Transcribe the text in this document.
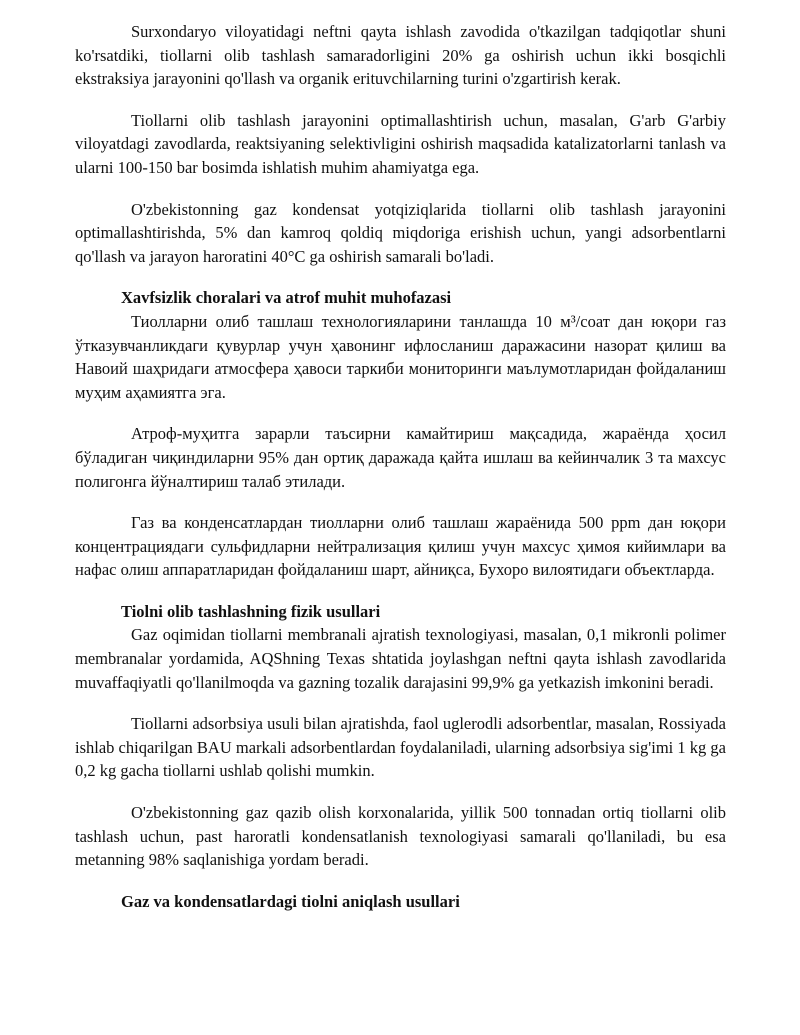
Surxondaryo viloyatidagi neftni qayta ishlash zavodida o'tkazilgan tadqiqotlar shuni ko'rsatdiki, tiollarni olib tashlash samaradorligini 20% ga oshirish uchun ikki bosqichli ekstraksiya jarayonini qo'llash va organik erituvchilarning turini o'zgartirish kerak.

Tiollarni olib tashlash jarayonini optimallashtirish uchun, masalan, G'arb G'arbiy viloyatdagi zavodlarda, reaktsiyaning selektivligini oshirish maqsadida katalizatorlarni tanlash va ularni 100-150 bar bosimda ishlatish muhim ahamiyatga ega.

O'zbekistonning gaz kondensat yotqiziqlarida tiollarni olib tashlash jarayonini optimallashtirishda, 5% dan kamroq qoldiq miqdoriga erishish uchun, yangi adsorbentlarni qo'llash va jarayon haroratini 40°C ga oshirish samarali bo'ladi.

Xavfsizlik choralari va atrof muhit muhofazasi

Тиолларни олиб ташлаш технологияларини танлашда 10 м³/соат дан юқори газ ўтказувчанликдаги қувурлар учун ҳавонинг ифлосланиш даражасини назорат қилиш ва Навоий шаҳридаги атмосфера ҳавоси таркиби мониторинги маълумотларидан фойдаланиш муҳим аҳамиятга эга.

Атроф-муҳитга зарарли таъсирни камайтириш мақсадида, жараёнда ҳосил бўладиган чиқиндиларни 95% дан ортиқ даражада қайта ишлаш ва кейинчалик 3 та махсус полигонга йўналтириш талаб этилади.

Газ ва конденсатлардан тиолларни олиб ташлаш жараёнида 500 ppm дан юқори концентрациядаги сульфидларни нейтрализация қилиш учун махсус ҳимоя кийимлари ва нафас олиш аппаратларидан фойдаланиш шарт, айниқса, Бухоро вилоятидаги объектларда.

Tiolni olib tashlashning fizik usullari

Gaz oqimidan tiollarni membranali ajratish texnologiyasi, masalan, 0,1 mikronli polimer membranalar yordamida, AQShning Texas shtatida joylashgan neftni qayta ishlash zavodlarida muvaffaqiyatli qo'llanilmoqda va gazning tozalik darajasini 99,9% ga yetkazish imkonini beradi.

Tiollarni adsorbsiya usuli bilan ajratishda, faol uglerodli adsorbentlar, masalan, Rossiyada ishlab chiqarilgan BAU markali adsorbentlardan foydalaniladi, ularning adsorbsiya sig'imi 1 kg ga 0,2 kg gacha tiollarni ushlab qolishi mumkin.

O'zbekistonning gaz qazib olish korxonalarida, yillik 500 tonnadan ortiq tiollarni olib tashlash uchun, past haroratli kondensatlanish texnologiyasi samarali qo'llaniladi, bu esa metanning 98% saqlanishiga yordam beradi.

Gaz va kondensatlardagi tiolni aniqlash usullari
